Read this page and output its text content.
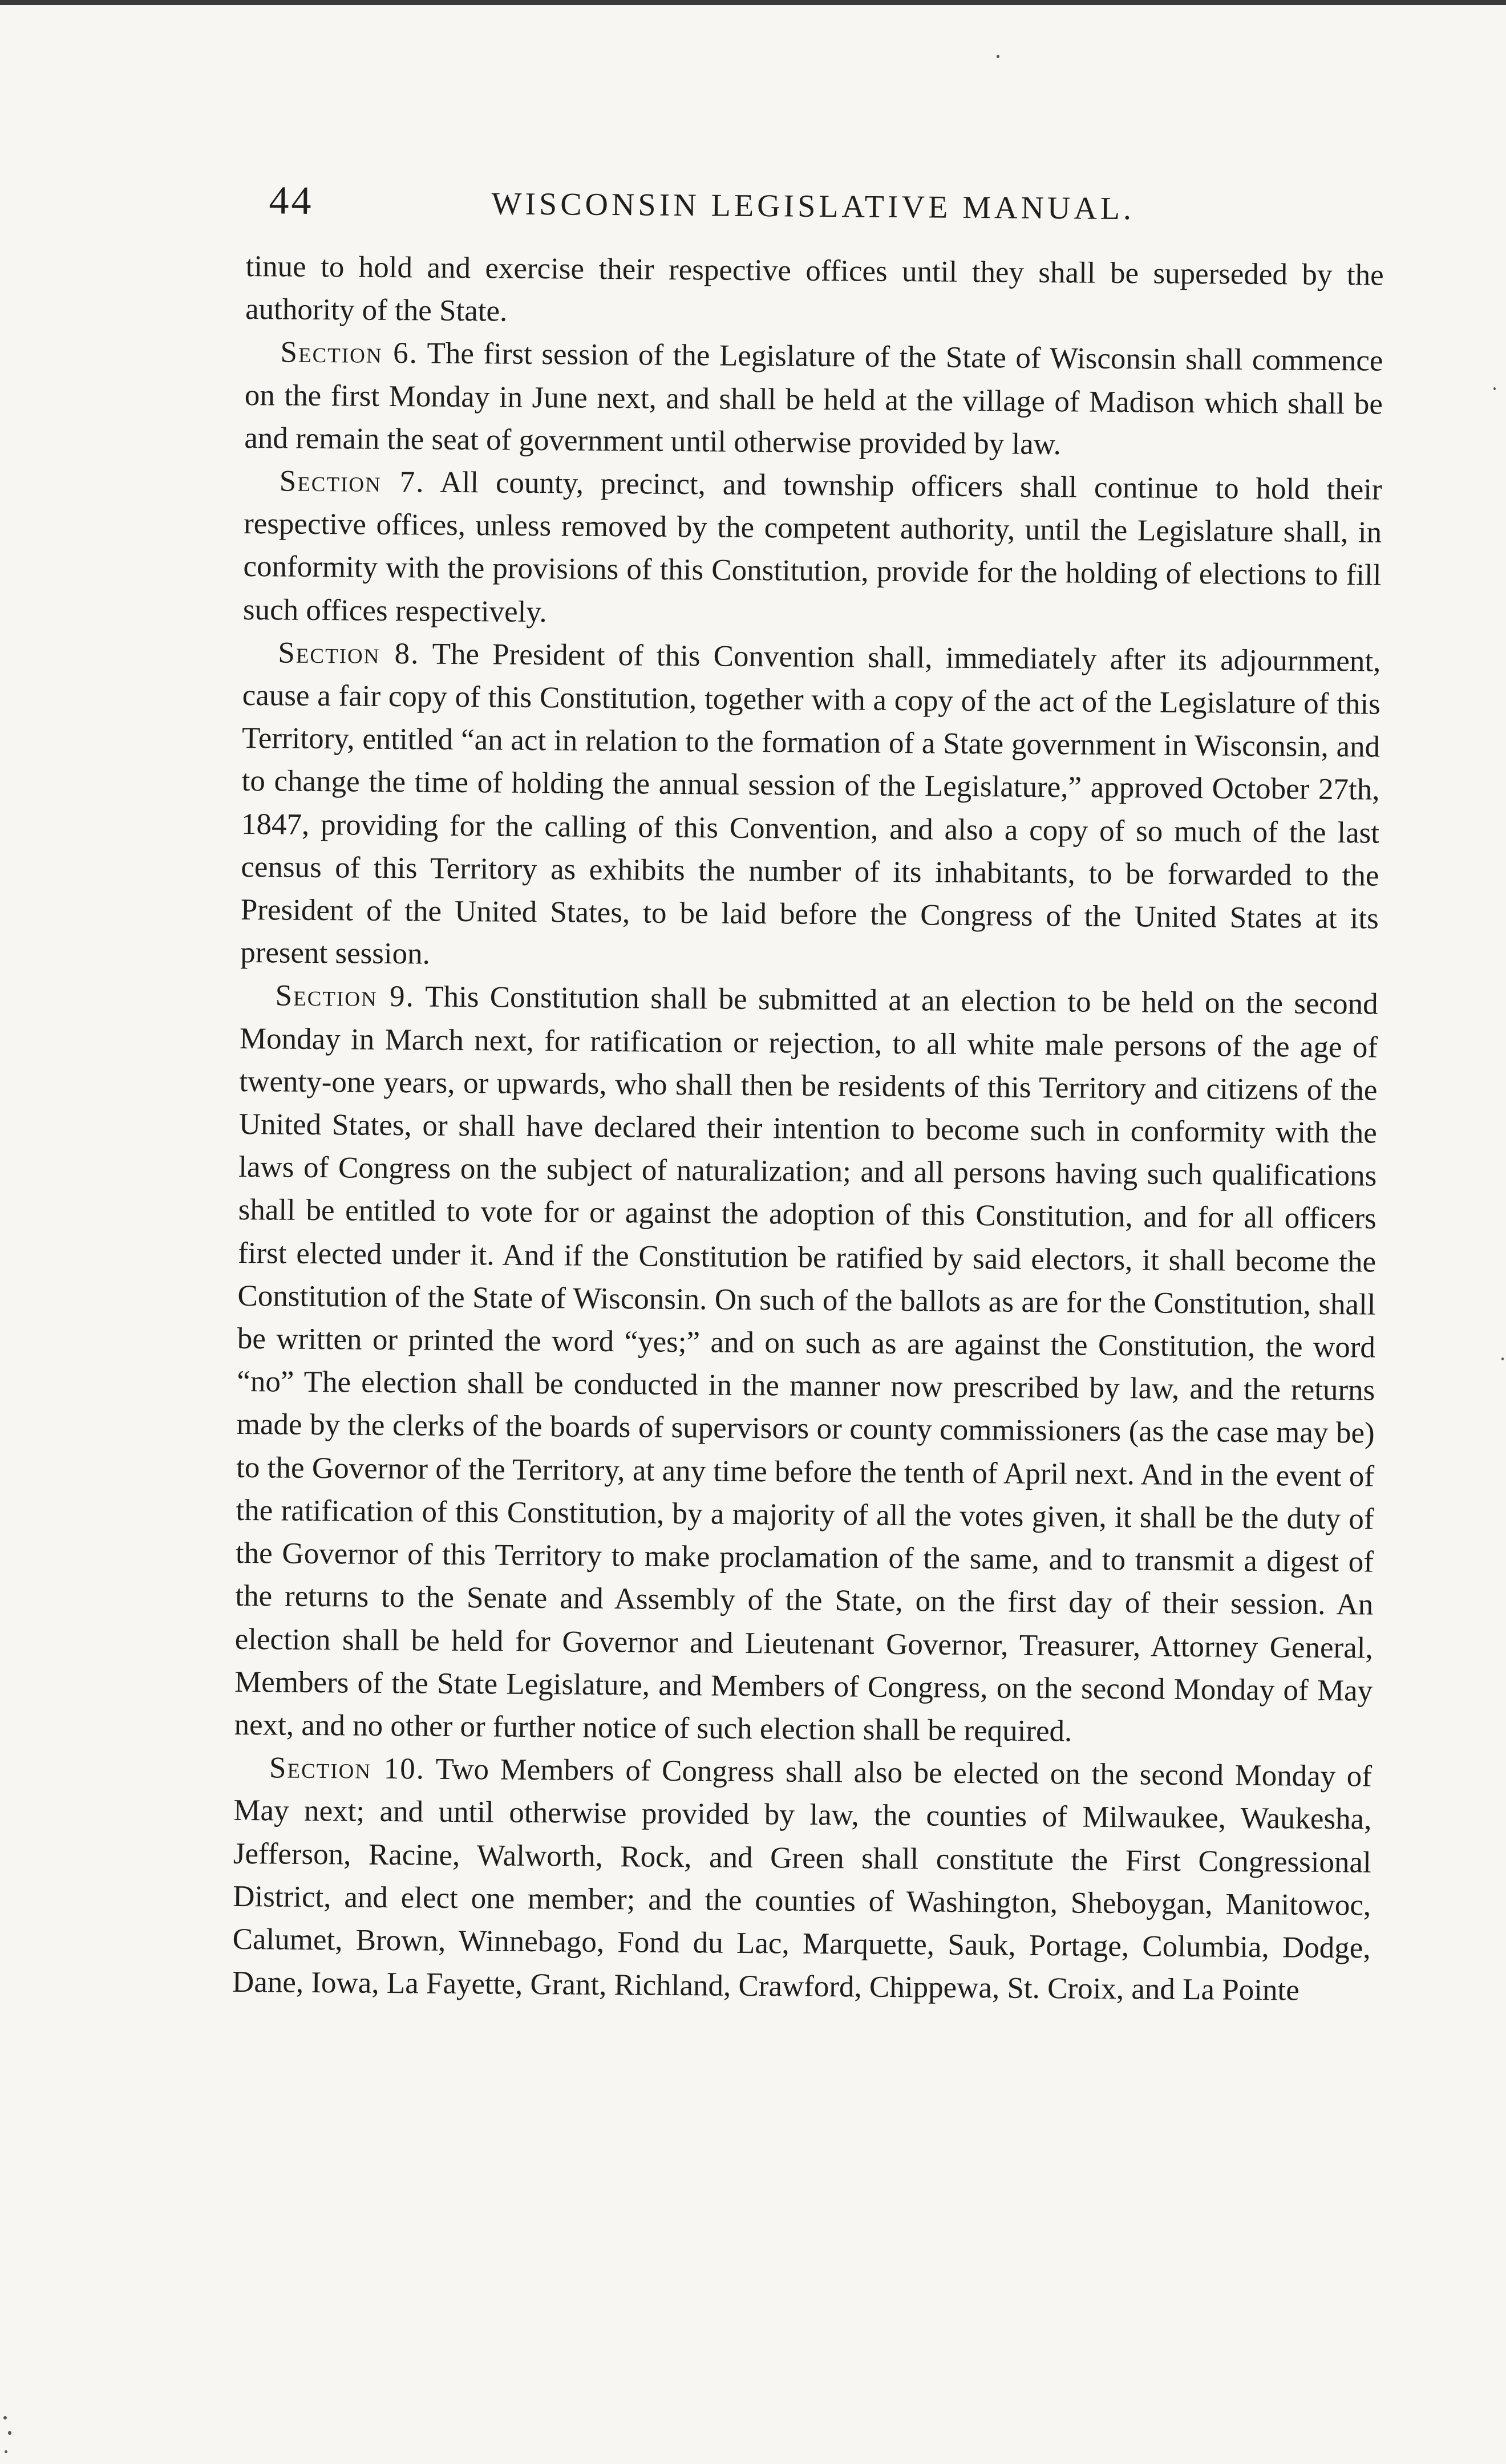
44	WISCONSIN LEGISLATIVE MANUAL.

tinue to hold and exercise their respective offices until they shall be superseded by the authority of the State.

Section 6. The first session of the Legislature of the State of Wisconsin shall commence on the first Monday in June next, and shall be held at the village of Madison which shall be and remain the seat of government until otherwise provided by law.

Section 7. All county, precinct, and township officers shall continue to hold their respective offices, unless removed by the competent authority, until the Legislature shall, in conformity with the provisions of this Constitution, provide for the holding of elections to fill such offices respectively.

Section 8. The President of this Convention shall, immediately after its adjournment, cause a fair copy of this Constitution, together with a copy of the act of the Legislature of this Territory, entitled “an act in relation to the formation of a State government in Wisconsin, and to change the time of holding the annual session of the Legislature,” approved October 27th, 1847, providing for the calling of this Convention, and also a copy of so much of the last census of this Territory as exhibits the number of its inhabitants, to be forwarded to the President of the United States, to be laid before the Congress of the United States at its present session.

Section 9. This Constitution shall be submitted at an election to be held on the second Monday in March next, for ratification or rejection, to all white male persons of the age of twenty-one years, or upwards, who shall then be residents of this Territory and citizens of the United States, or shall have declared their intention to become such in conformity with the laws of Congress on the subject of naturalization; and all persons having such qualifications shall be entitled to vote for or against the adoption of this Constitution, and for all officers first elected under it. And if the Constitution be ratified by said electors, it shall become the Constitution of the State of Wisconsin. On such of the ballots as are for the Constitution, shall be written or printed the word “yes;” and on such as are against the Constitution, the word “no” The election shall be conducted in the manner now prescribed by law, and the returns made by the clerks of the boards of supervisors or county commissioners (as the case may be) to the Governor of the Territory, at any time before the tenth of April next. And in the event of the ratification of this Constitution, by a majority of all the votes given, it shall be the duty of the Governor of this Territory to make proclamation of the same, and to transmit a digest of the returns to the Senate and Assembly of the State, on the first day of their session. An election shall be held for Governor and Lieutenant Governor, Treasurer, Attorney General, Members of the State Legislature, and Members of Congress, on the second Monday of May next, and no other or further notice of such election shall be required.

Section 10. Two Members of Congress shall also be elected on the second Monday of May next; and until otherwise provided by law, the counties of Milwaukee, Waukesha, Jefferson, Racine, Walworth, Rock, and Green shall constitute the First Congressional District, and elect one member; and the counties of Washington, Sheboygan, Manitowoc, Calumet, Brown, Winnebago, Fond du Lac, Marquette, Sauk, Portage, Columbia, Dodge, Dane, Iowa, La Fayette, Grant, Richland, Crawford, Chippewa, St. Croix, and La Pointe
